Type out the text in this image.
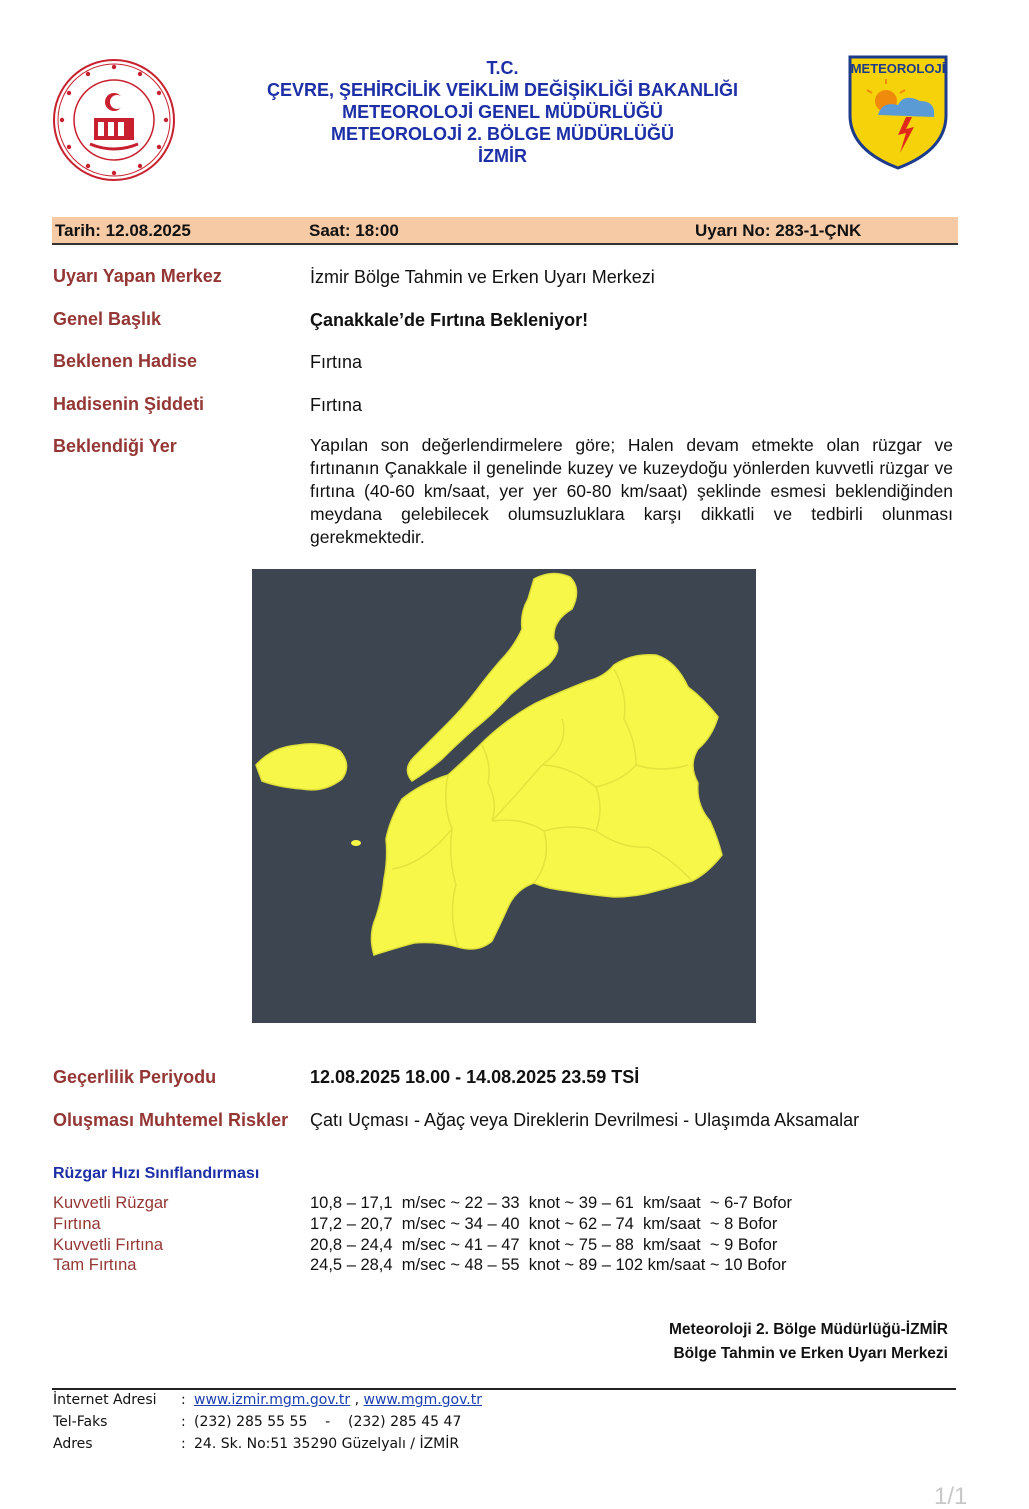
T.C.
ÇEVRE, ŞEHİRCİLİK VEİKLİM DEĞİŞİKLİĞİ BAKANLIĞI
METEOROLOJİ GENEL MÜDÜRLÜĞÜ
METEOROLOJİ 2. BÖLGE MÜDÜRLÜĞÜ
İZMİR
METEOROLOJİ
Tarih: 12.08.2025	Saat: 18:00	Uyarı No: 283-1-ÇNK
Uyarı Yapan Merkez	İzmir Bölge Tahmin ve Erken Uyarı Merkezi
Genel Başlık	Çanakkale’de Fırtına Bekleniyor!
Beklenen Hadise	Fırtına
Hadisenin Şiddeti	Fırtına
Beklendiği Yer	Yapılan son değerlendirmelere göre; Halen devam etmekte olan rüzgar ve fırtınanın Çanakkale il genelinde kuzey ve kuzeydoğu yönlerden kuvvetli rüzgar ve fırtına (40-60 km/saat, yer yer 60-80 km/saat) şeklinde esmesi beklendiğinden meydana gelebilecek olumsuzluklara karşı dikkatli ve tedbirli olunması gerekmektedir.
Geçerlilik Periyodu	12.08.2025 18.00 - 14.08.2025 23.59 TSİ
Oluşması Muhtemel Riskler Çatı Uçması - Ağaç veya Direklerin Devrilmesi - Ulaşımda Aksamalar
Rüzgar Hızı Sınıflandırması
Kuvvetli Rüzgar	10,8 – 17,1  m/sec ~ 22 – 33  knot ~ 39 – 61  km/saat  ~ 6-7 Bofor
Fırtına	17,2 – 20,7  m/sec ~ 34 – 40  knot ~ 62 – 74  km/saat  ~ 8 Bofor
Kuvvetli Fırtına	20,8 – 24,4  m/sec ~ 41 – 47  knot ~ 75 – 88  km/saat  ~ 9 Bofor
Tam Fırtına	24,5 – 28,4  m/sec ~ 48 – 55  knot ~ 89 – 102 km/saat ~ 10 Bofor
Meteoroloji 2. Bölge Müdürlüğü-İZMİR
Bölge Tahmin ve Erken Uyarı Merkezi
İnternet Adresi	: www.izmir.mgm.gov.tr , www.mgm.gov.tr
Tel-Faks	: (232) 285 55 55    -    (232) 285 45 47
Adres	: 24. Sk. No:51 35290 Güzelyalı / İZMİR
1/1
